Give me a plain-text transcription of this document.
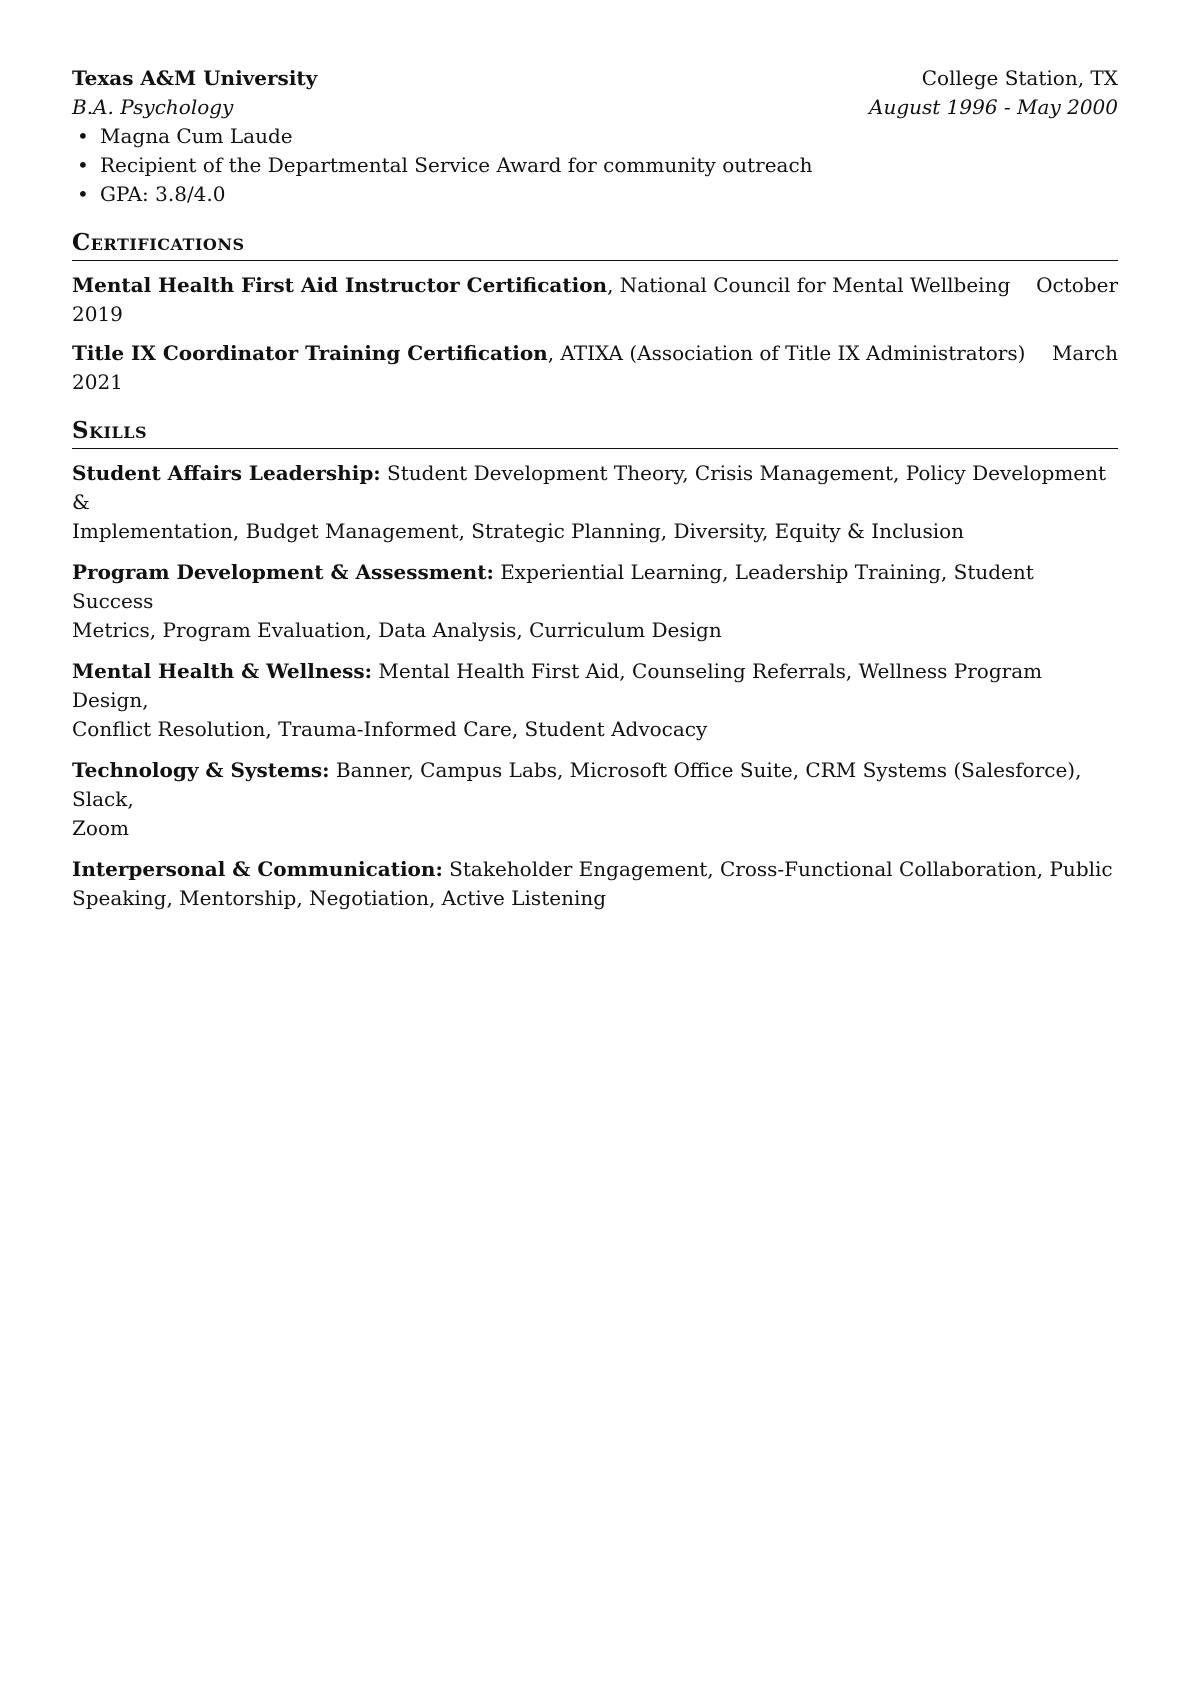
Texas A&M University	College Station, TX
B.A. Psychology	August 1996 - May 2000
• Magna Cum Laude
• Recipient of the Departmental Service Award for community outreach
• GPA: 3.8/4.0
Certifications
Mental Health First Aid Instructor Certification, National Council for Mental Wellbeing October
2019
Title IX Coordinator Training Certification, ATIXA (Association of Title IX Administrators) March
2021
Skills
Student Affairs Leadership: Student Development Theory, Crisis Management, Policy Development &
Implementation, Budget Management, Strategic Planning, Diversity, Equity & Inclusion
Program Development & Assessment: Experiential Learning, Leadership Training, Student Success
Metrics, Program Evaluation, Data Analysis, Curriculum Design
Mental Health & Wellness: Mental Health First Aid, Counseling Referrals, Wellness Program Design,
Conflict Resolution, Trauma-Informed Care, Student Advocacy
Technology & Systems: Banner, Campus Labs, Microsoft Office Suite, CRM Systems (Salesforce), Slack,
Zoom
Interpersonal & Communication: Stakeholder Engagement, Cross-Functional Collaboration, Public
Speaking, Mentorship, Negotiation, Active Listening
